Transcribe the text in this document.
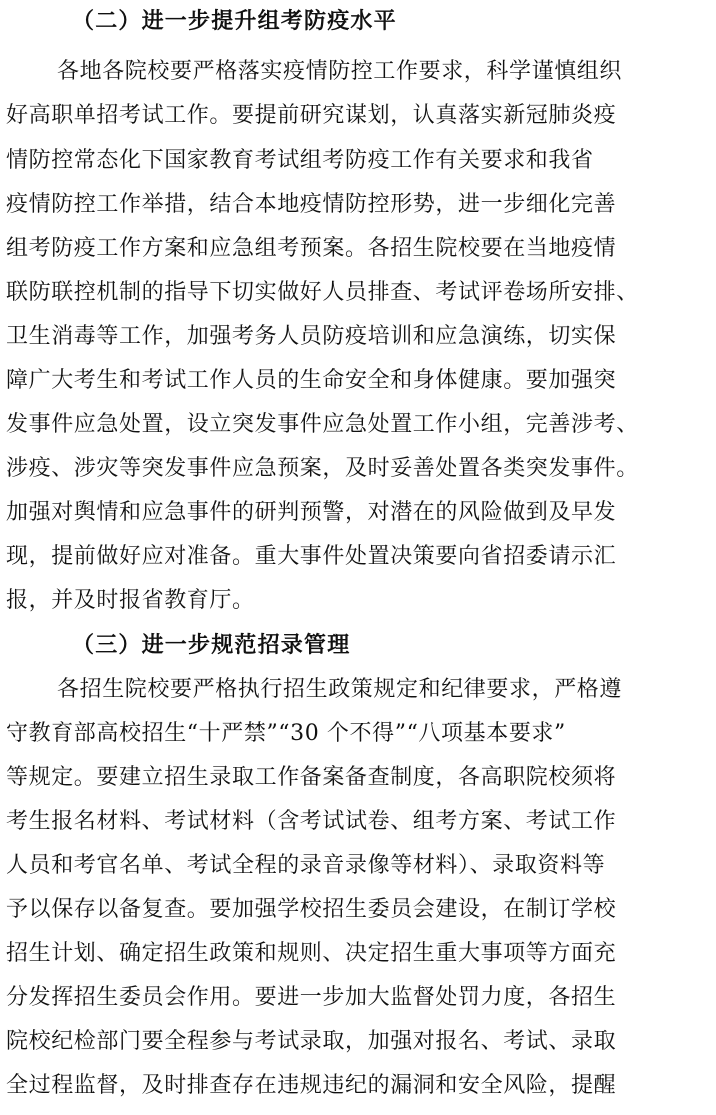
（二）进一步提升组考防疫水平
各地各院校要严格落实疫情防控工作要求，科学谨慎组织
好高职单招考试工作。要提前研究谋划，认真落实新冠肺炎疫
情防控常态化下国家教育考试组考防疫工作有关要求和我省
疫情防控工作举措，结合本地疫情防控形势，进一步细化完善
组考防疫工作方案和应急组考预案。各招生院校要在当地疫情
联防联控机制的指导下切实做好人员排查、考试评卷场所安排、
卫生消毒等工作，加强考务人员防疫培训和应急演练，切实保
障广大考生和考试工作人员的生命安全和身体健康。要加强突
发事件应急处置，设立突发事件应急处置工作小组，完善涉考、
涉疫、涉灾等突发事件应急预案，及时妥善处置各类突发事件。
加强对舆情和应急事件的研判预警，对潜在的风险做到及早发
现，提前做好应对准备。重大事件处置决策要向省招委请示汇
报，并及时报省教育厅。
（三）进一步规范招录管理
各招生院校要严格执行招生政策规定和纪律要求，严格遵
守教育部高校招生“十严禁”“30 个不得”“八项基本要求”
等规定。要建立招生录取工作备案备查制度，各高职院校须将
考生报名材料、考试材料（含考试试卷、组考方案、考试工作
人员和考官名单、考试全程的录音录像等材料）、录取资料等
予以保存以备复查。要加强学校招生委员会建设，在制订学校
招生计划、确定招生政策和规则、决定招生重大事项等方面充
分发挥招生委员会作用。要进一步加大监督处罚力度，各招生
院校纪检部门要全程参与考试录取，加强对报名、考试、录取
全过程监督，及时排查存在违规违纪的漏洞和安全风险，提醒
